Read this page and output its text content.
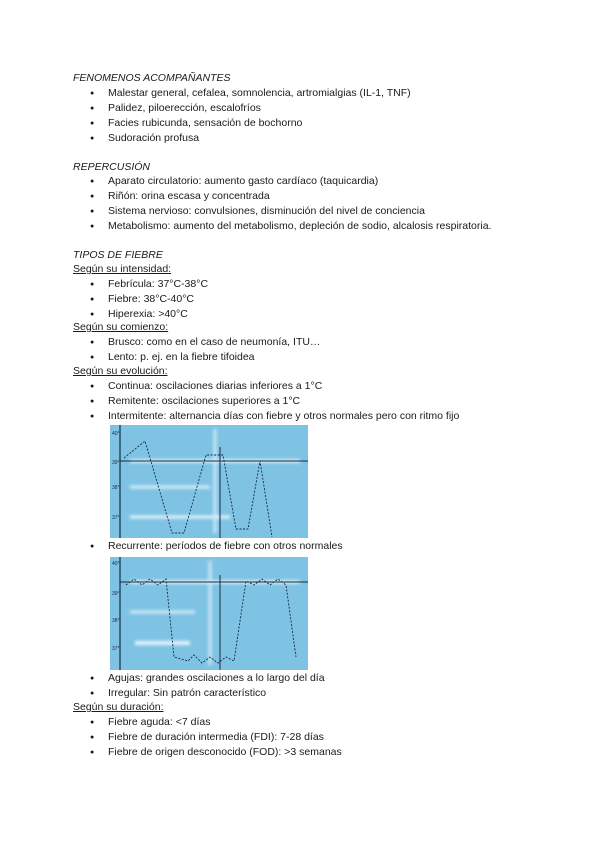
FENOMENOS ACOMPAÑANTES
● Malestar general, cefalea, somnolencia, artromialgias (IL-1, TNF)
● Palidez, piloerección, escalofríos
● Facies rubicunda, sensación de bochorno
● Sudoración profusa
REPERCUSIÓN
● Aparato circulatorio: aumento gasto cardíaco (taquicardia)
● Riñón: orina escasa y concentrada
● Sistema nervioso: convulsiones, disminución del nivel de conciencia
● Metabolismo: aumento del metabolismo, depleción de sodio, alcalosis respiratoria.
TIPOS DE FIEBRE
Según su intensidad:
● Febrícula: 37°C-38°C
● Fiebre: 38°C-40°C
● Hiperexia: >40°C
Según su comienzo:
● Brusco: como en el caso de neumonía, ITU…
● Lento: p. ej. en la fiebre tifoidea
Según su evolución:
● Continua: oscilaciones diarias inferiores a 1°C
● Remitente: oscilaciones superiores a 1°C
● Intermitente: alternancia días con fiebre y otros normales pero con ritmo fijo
40°
39°
38°
37°
● Recurrente: períodos de fiebre con otros normales
40°
39°
38°
37°
● Agujas: grandes oscilaciones a lo largo del día
● Irregular: Sin patrón característico
Según su duración:
● Fiebre aguda: <7 días
● Fiebre de duración intermedia (FDI): 7-28 días
● Fiebre de origen desconocido (FOD): >3 semanas
